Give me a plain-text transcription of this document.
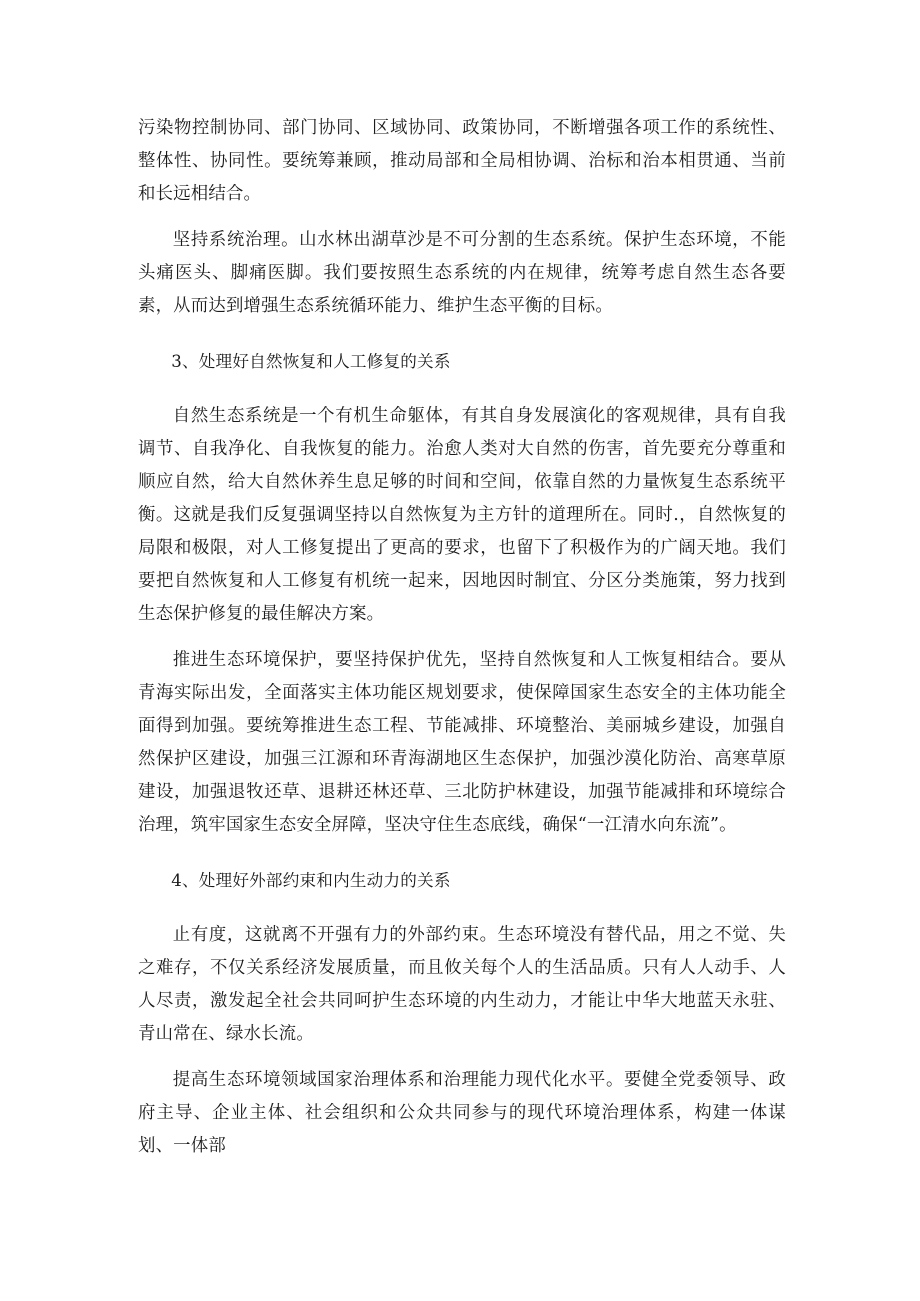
污染物控制协同、部门协同、区域协同、政策协同，不断增强各项工作的系统性、整体性、协同性。要统筹兼顾，推动局部和全局相协调、治标和治本相贯通、当前和长远相结合。

坚持系统治理。山水林出湖草沙是不可分割的生态系统。保护生态环境，不能头痛医头、脚痛医脚。我们要按照生态系统的内在规律，统筹考虑自然生态各要素，从而达到增强生态系统循环能力、维护生态平衡的目标。

3、处理好自然恢复和人工修复的关系

自然生态系统是一个有机生命躯体，有其自身发展演化的客观规律，具有自我调节、自我净化、自我恢复的能力。治愈人类对大自然的伤害，首先要充分尊重和顺应自然，给大自然休养生息足够的时间和空间，依靠自然的力量恢复生态系统平衡。这就是我们反复强调坚持以自然恢复为主方针的道理所在。同时.，自然恢复的局限和极限，对人工修复提出了更高的要求，也留下了积极作为的广阔天地。我们要把自然恢复和人工修复有机统一起来，因地因时制宜、分区分类施策，努力找到生态保护修复的最佳解决方案。

推进生态环境保护，要坚持保护优先，坚持自然恢复和人工恢复相结合。要从青海实际出发，全面落实主体功能区规划要求，使保障国家生态安全的主体功能全面得到加强。要统筹推进生态工程、节能减排、环境整治、美丽城乡建设，加强自然保护区建设，加强三江源和环青海湖地区生态保护，加强沙漠化防治、高寒草原建设，加强退牧还草、退耕还林还草、三北防护林建设，加强节能减排和环境综合治理，筑牢国家生态安全屏障，坚决守住生态底线，确保“一江清水向东流”。

4、处理好外部约束和内生动力的关系

止有度，这就离不开强有力的外部约束。生态环境没有替代品，用之不觉、失之难存，不仅关系经济发展质量，而且攸关每个人的生活品质。只有人人动手、人人尽责，激发起全社会共同呵护生态环境的内生动力，才能让中华大地蓝天永驻、青山常在、绿水长流。

提高生态环境领域国家治理体系和治理能力现代化水平。要健全党委领导、政府主导、企业主体、社会组织和公众共同参与的现代环境治理体系，构建一体谋划、一体部
